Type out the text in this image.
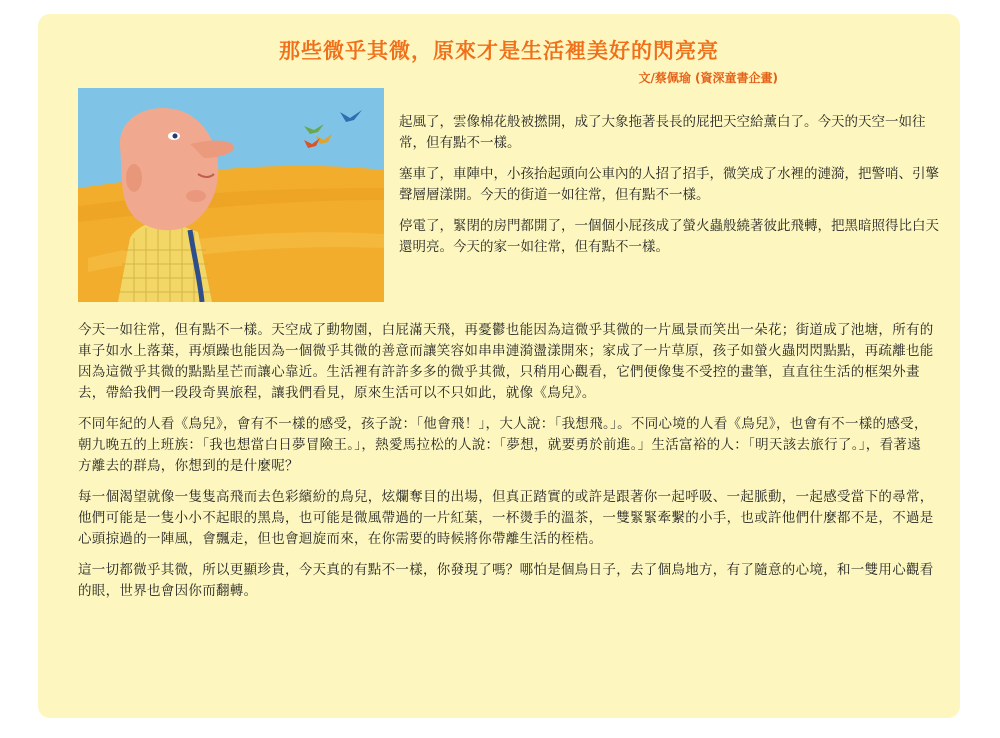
那些微乎其微，原來才是生活裡美好的閃亮亮
文/蔡佩瑜 (資深童書企畫)

起風了，雲像棉花般被撚開，成了大象拖著長長的屁把天空給薰白了。今天的天空一如往常，但有點不一樣。

塞車了，車陣中，小孩抬起頭向公車內的人招了招手，微笑成了水裡的漣漪，把警哨、引擎聲層層漾開。今天的街道一如往常，但有點不一樣。

停電了，緊閉的房門都開了，一個個小屁孩成了螢火蟲般繞著彼此飛轉，把黑暗照得比白天還明亮。今天的家一如往常，但有點不一樣。

今天一如往常，但有點不一樣。天空成了動物園，白屁滿天飛，再憂鬱也能因為這微乎其微的一片風景而笑出一朵花；街道成了池塘，所有的車子如水上落葉，再煩躁也能因為一個微乎其微的善意而讓笑容如串串漣漪盪漾開來；家成了一片草原，孩子如螢火蟲閃閃點點，再疏離也能因為這微乎其微的點點星芒而讓心靠近。生活裡有許許多多的微乎其微，只稍用心觀看，它們便像隻不受控的畫筆，直直往生活的框架外畫去，帶給我們一段段奇異旅程，讓我們看見，原來生活可以不只如此，就像《鳥兒》。

不同年紀的人看《鳥兒》，會有不一樣的感受，孩子說：「他會飛！」，大人說：「我想飛。」。不同心境的人看《鳥兒》，也會有不一樣的感受，朝九晚五的上班族：「我也想當白日夢冒險王。」，熱愛馬拉松的人說：「夢想，就要勇於前進。」生活富裕的人：「明天該去旅行了。」，看著遠方離去的群鳥，你想到的是什麼呢？

每一個渴望就像一隻隻高飛而去色彩繽紛的鳥兒，炫爛奪目的出場，但真正踏實的或許是跟著你一起呼吸、一起脈動，一起感受當下的尋常，他們可能是一隻小小不起眼的黑鳥，也可能是微風帶過的一片紅葉，一杯燙手的溫茶，一雙緊緊牽繫的小手，也或許他們什麼都不是，不過是心頭掠過的一陣風，會飄走，但也會迴旋而來，在你需要的時候將你帶離生活的桎梏。

這一切都微乎其微，所以更顯珍貴，今天真的有點不一樣，你發現了嗎？哪怕是個鳥日子，去了個鳥地方，有了隨意的心境，和一雙用心觀看的眼，世界也會因你而翻轉。
